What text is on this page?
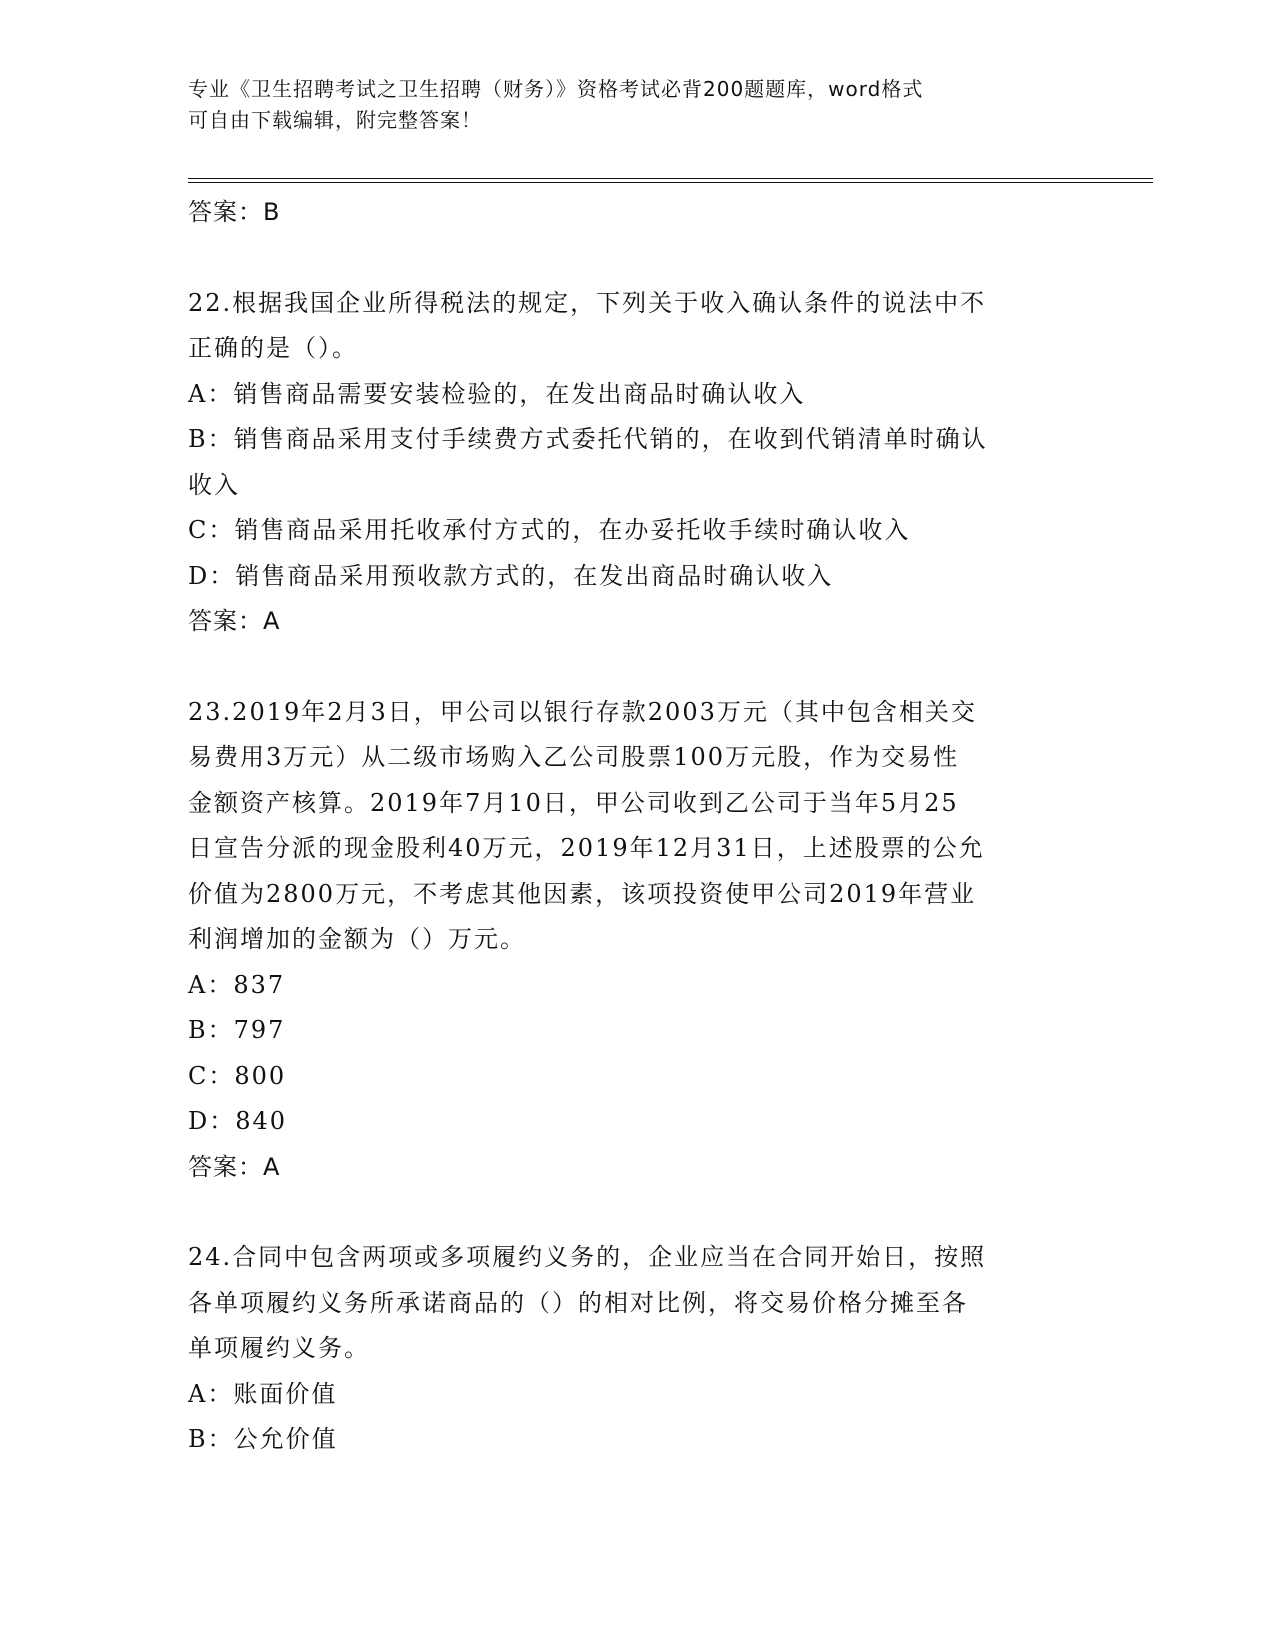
专业《卫生招聘考试之卫生招聘（财务）》资格考试必背200题题库，word格式
可自由下载编辑，附完整答案！
答案：B
22.根据我国企业所得税法的规定，下列关于收入确认条件的说法中不
正确的是（）。
A：销售商品需要安装检验的，在发出商品时确认收入
B：销售商品采用支付手续费方式委托代销的，在收到代销清单时确认
收入
C：销售商品采用托收承付方式的，在办妥托收手续时确认收入
D：销售商品采用预收款方式的，在发出商品时确认收入
答案：A
23.2019年2月3日，甲公司以银行存款2003万元（其中包含相关交
易费用3万元）从二级市场购入乙公司股票100万元股，作为交易性
金额资产核算。2019年7月10日，甲公司收到乙公司于当年5月25
日宣告分派的现金股利40万元，2019年12月31日，上述股票的公允
价值为2800万元，不考虑其他因素，该项投资使甲公司2019年营业
利润增加的金额为（）万元。
A：837
B：797
C：800
D：840
答案：A
24.合同中包含两项或多项履约义务的，企业应当在合同开始日，按照
各单项履约义务所承诺商品的（）的相对比例，将交易价格分摊至各
单项履约义务。
A：账面价值
B：公允价值
